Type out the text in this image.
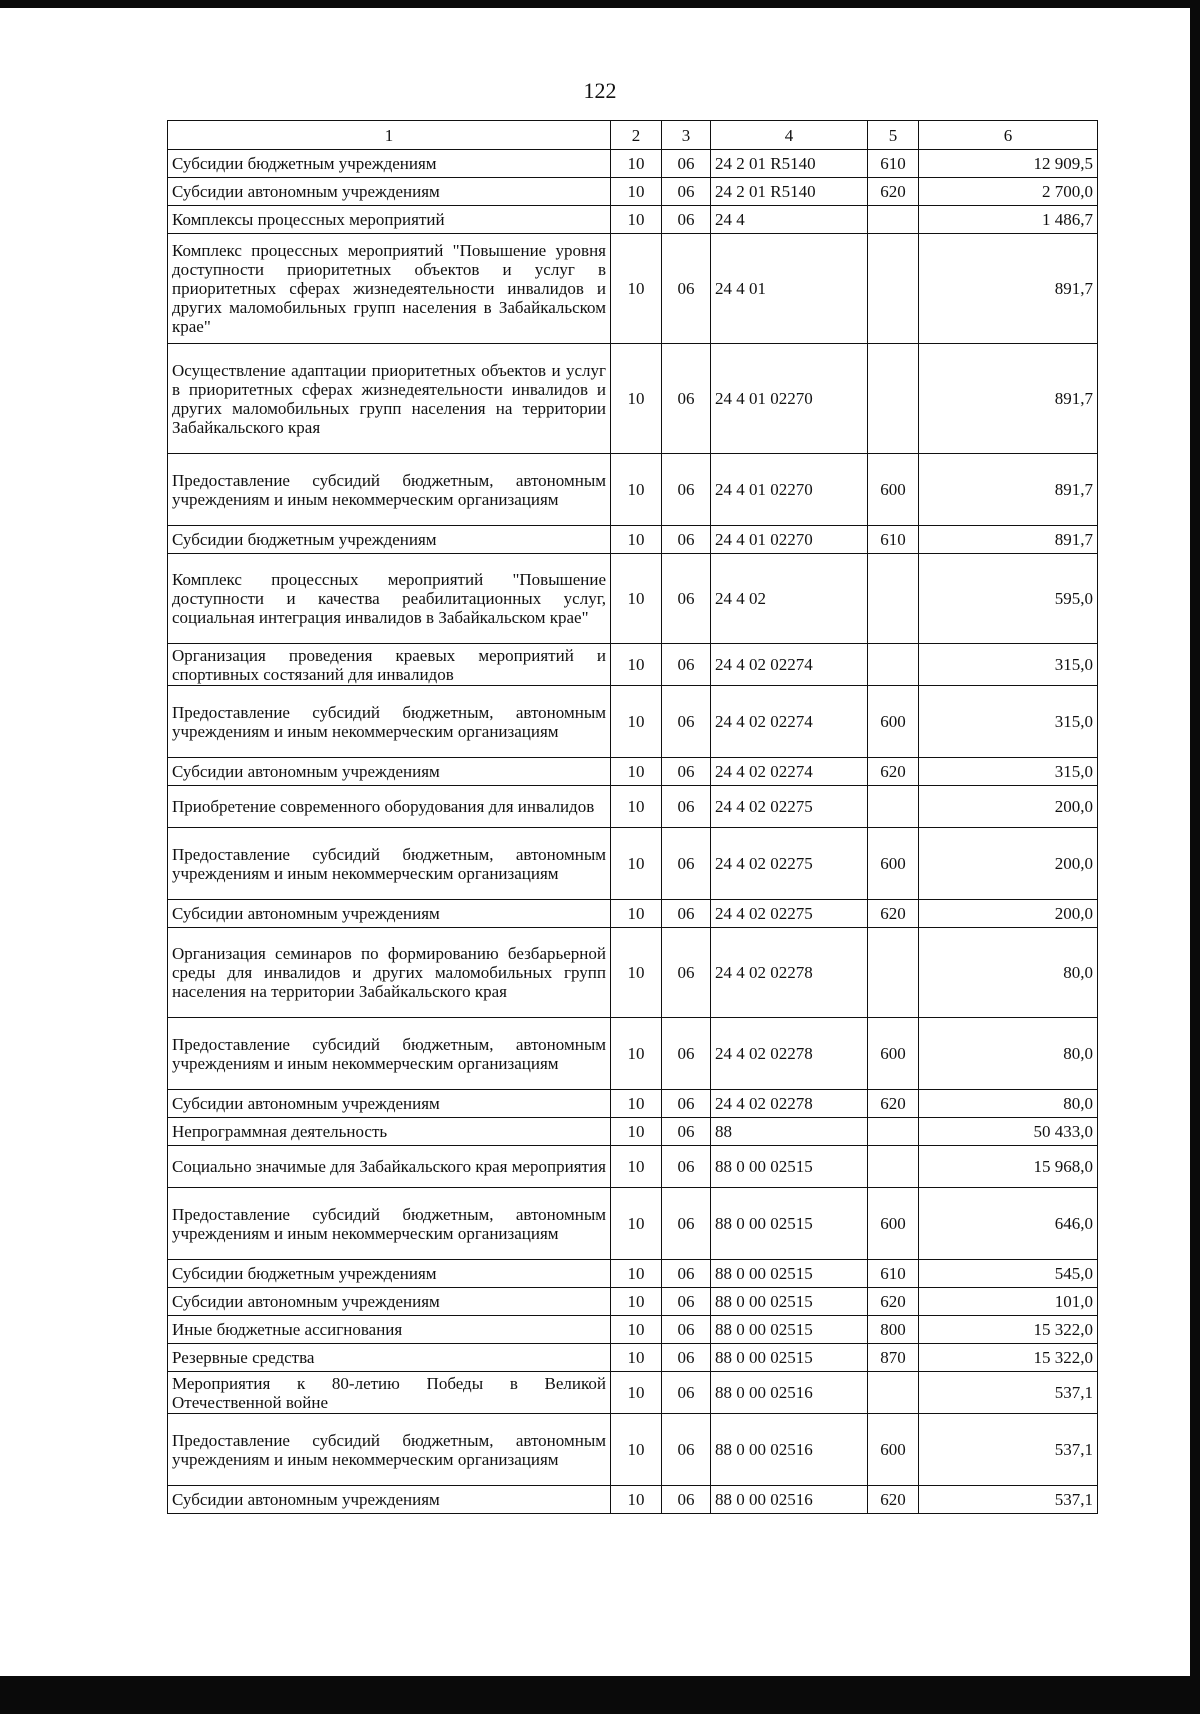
122
1	2	3	4	5	6
Субсидии бюджетным учреждениям	10	06	24 2 01 R5140	610	12 909,5
Субсидии автономным учреждениям	10	06	24 2 01 R5140	620	2 700,0
Комплексы процессных мероприятий	10	06	24 4		1 486,7
Комплекс процессных мероприятий "Повышение уровня доступности приоритетных объектов и услуг в приоритетных сферах жизнедеятельности инвалидов и других маломобильных групп населения в Забайкальском крае"	10	06	24 4 01		891,7
Осуществление адаптации приоритетных объектов и услуг в приоритетных сферах жизнедеятельности инвалидов и других маломобильных групп населения на территории Забайкальского края	10	06	24 4 01 02270		891,7
Предоставление субсидий бюджетным, автономным учреждениям и иным некоммерческим организациям	10	06	24 4 01 02270	600	891,7
Субсидии бюджетным учреждениям	10	06	24 4 01 02270	610	891,7
Комплекс процессных мероприятий "Повышение доступности и качества реабилитационных услуг, социальная интеграция инвалидов в Забайкальском крае"	10	06	24 4 02		595,0
Организация проведения краевых мероприятий и спортивных состязаний для инвалидов	10	06	24 4 02 02274		315,0
Предоставление субсидий бюджетным, автономным учреждениям и иным некоммерческим организациям	10	06	24 4 02 02274	600	315,0
Субсидии автономным учреждениям	10	06	24 4 02 02274	620	315,0
Приобретение современного оборудования для инвалидов	10	06	24 4 02 02275		200,0
Предоставление субсидий бюджетным, автономным учреждениям и иным некоммерческим организациям	10	06	24 4 02 02275	600	200,0
Субсидии автономным учреждениям	10	06	24 4 02 02275	620	200,0
Организация семинаров по формированию безбарьерной среды для инвалидов и других маломобильных групп населения на территории Забайкальского края	10	06	24 4 02 02278		80,0
Предоставление субсидий бюджетным, автономным учреждениям и иным некоммерческим организациям	10	06	24 4 02 02278	600	80,0
Субсидии автономным учреждениям	10	06	24 4 02 02278	620	80,0
Непрограммная деятельность	10	06	88		50 433,0
Социально значимые для Забайкальского края мероприятия	10	06	88 0 00 02515		15 968,0
Предоставление субсидий бюджетным, автономным учреждениям и иным некоммерческим организациям	10	06	88 0 00 02515	600	646,0
Субсидии бюджетным учреждениям	10	06	88 0 00 02515	610	545,0
Субсидии автономным учреждениям	10	06	88 0 00 02515	620	101,0
Иные бюджетные ассигнования	10	06	88 0 00 02515	800	15 322,0
Резервные средства	10	06	88 0 00 02515	870	15 322,0
Мероприятия к 80-летию Победы в Великой Отечественной войне	10	06	88 0 00 02516		537,1
Предоставление субсидий бюджетным, автономным учреждениям и иным некоммерческим организациям	10	06	88 0 00 02516	600	537,1
Субсидии автономным учреждениям	10	06	88 0 00 02516	620	537,1
